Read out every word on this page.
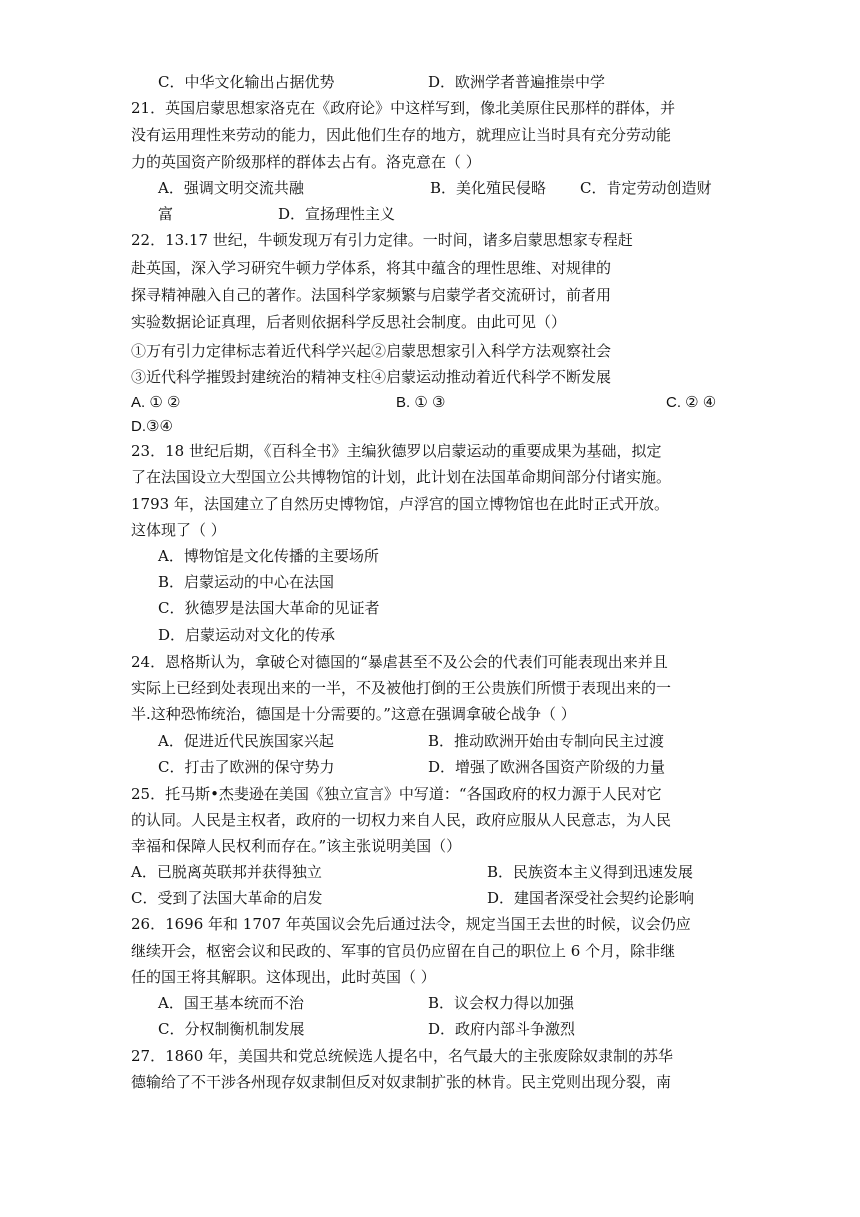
C．中华文化输出占据优势	D．欧洲学者普遍推崇中学
21．英国启蒙思想家洛克在《政府论》中这样写到，像北美原住民那样的群体，并
没有运用理性来劳动的能力，因此他们生存的地方，就理应让当时具有充分劳动能
力的英国资产阶级那样的群体去占有。洛克意在（ ）
A．强调文明交流共融	B．美化殖民侵略 C．肯定劳动创造财
富	D．宣扬理性主义
22．13.17 世纪，牛顿发现万有引力定律。一时间，诸多启蒙思想家专程赶
赴英国，深入学习研究牛顿力学体系，将其中蕴含的理性思维、对规律的
探寻精神融入自己的著作。法国科学家频繁与启蒙学者交流研讨，前者用
实验数据论证真理，后者则依据科学反思社会制度。由此可见（）
①万有引力定律标志着近代科学兴起②启蒙思想家引入科学方法观察社会
③近代科学摧毁封建统治的精神支柱④启蒙运动推动着近代科学不断发展
A. ① ②	B. ① ③	C. ② ④
D.③④
23．18 世纪后期，《百科全书》主编狄德罗以启蒙运动的重要成果为基础，拟定
了在法国设立大型国立公共博物馆的计划，此计划在法国革命期间部分付诸实施。
1793 年，法国建立了自然历史博物馆，卢浮宫的国立博物馆也在此时正式开放。
这体现了（ ）
A．博物馆是文化传播的主要场所
B．启蒙运动的中心在法国
C．狄德罗是法国大革命的见证者
D．启蒙运动对文化的传承
24．恩格斯认为，拿破仑对德国的“暴虐甚至不及公会的代表们可能表现出来并且
实际上已经到处表现出来的一半，不及被他打倒的王公贵族们所惯于表现出来的一
半.这种恐怖统治，德国是十分需要的。”这意在强调拿破仑战争（ ）
A．促进近代民族国家兴起	B．推动欧洲开始由专制向民主过渡
C．打击了欧洲的保守势力	D．增强了欧洲各国资产阶级的力量
25．托马斯•杰斐逊在美国《独立宣言》中写道：“各国政府的权力源于人民对它
的认同。人民是主权者，政府的一切权力来自人民，政府应服从人民意志，为人民
幸福和保障人民权利而存在。”该主张说明美国（）
A．已脱离英联邦并获得独立	B．民族资本主义得到迅速发展
C．受到了法国大革命的启发	D．建国者深受社会契约论影响
26．1696 年和 1707 年英国议会先后通过法令，规定当国王去世的时候，议会仍应
继续开会，枢密会议和民政的、军事的官员仍应留在自己的职位上 6 个月，除非继
任的国王将其解职。这体现出，此时英国（ ）
A．国王基本统而不治	B．议会权力得以加强
C．分权制衡机制发展	D．政府内部斗争激烈
27．1860 年，美国共和党总统候选人提名中，名气最大的主张废除奴隶制的苏华
德输给了不干涉各州现存奴隶制但反对奴隶制扩张的林肯。民主党则出现分裂，南
